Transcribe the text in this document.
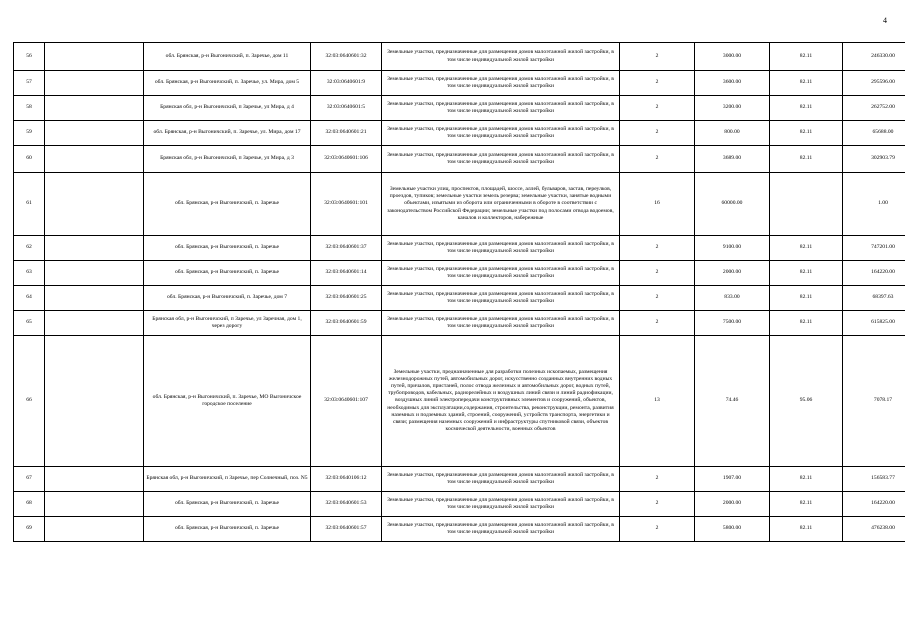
4
56		обл. Брянская, р-н Выгоничский, п. Заречье, дом 11	32:03:0640601:32	Земельные участки, предназначенные для размещения домов малоэтажной жилой застройки, в том числе индивидуальной жилой застройки	2	3000.00	82.11	246330.00
57		обл. Брянская, р-н Выгоничский, п. Заречье, ул. Мира, дом 5	32:03:0640601:9	Земельные участки, предназначенные для размещения домов малоэтажной жилой застройки, в том числе индивидуальной жилой застройки	2	3600.00	82.11	295596.00
58		Брянская обл, р-н Выгоничский, п Заречье, ул Мира, д 4	32:03:0640601:5	Земельные участки, предназначенные для размещения домов малоэтажной жилой застройки, в том числе индивидуальной жилой застройки	2	3200.00	82.11	262752.00
59		обл. Брянская, р-н Выгоничский, п. Заречье, ул. Мира, дом 17	32:03:0640601:21	Земельные участки, предназначенные для размещения домов малоэтажной жилой застройки, в том числе индивидуальной жилой застройки	2	800.00	82.11	65688.00
60		Брянская обл, р-н Выгоничский, п Заречье, ул Мира, д 3	32:03:0640601:106	Земельные участки, предназначенные для размещения домов малоэтажной жилой застройки, в том числе индивидуальной жилой застройки	2	3689.00	82.11	302903.79
61		обл. Брянская, р-н Выгоничский, п. Заречье	32:03:0640601:101	Земельные участки улиц, проспектов, площадей, шоссе, аллей, бульваров, застав, переулков, проездов, тупиков; земельные участки земель резерва; земельные участки, занятые водными объектами, изъятыми из оборота или ограниченными в обороте в соответствии с законодательством Российской Федерации; земельные участки под полосами отвода водоемов, каналов и коллекторов, набережные	16	60000.00		1.00
62		обл. Брянская, р-н Выгоничский, п. Заречье	32:03:0640601:37	Земельные участки, предназначенные для размещения домов малоэтажной жилой застройки, в том числе индивидуальной жилой застройки	2	9100.00	82.11	747201.00
63		обл. Брянская, р-н Выгоничский, п. Заречье	32:03:0640601:14	Земельные участки, предназначенные для размещения домов малоэтажной жилой застройки, в том числе индивидуальной жилой застройки	2	2000.00	82.11	164220.00
64		обл. Брянская, р-н Выгоничский, п. Заречье, дом 7	32:03:0640601:25	Земельные участки, предназначенные для размещения домов малоэтажной жилой застройки, в том числе индивидуальной жилой застройки	2	833.00	82.11	68397.63
65		Брянская обл, р-н Выгоничский, п Заречье, ул Заречная, дом 1, через дорогу	32:03:0640601:59	Земельные участки, предназначенные для размещения домов малоэтажной жилой застройки, в том числе индивидуальной жилой застройки	2	7500.00	82.11	615825.00
66		обл. Брянская, р-н Выгоничский, п. Заречье, МО Выгоничское городское поселение	32:03:0640601:107	Земельные участки, предназначенные для разработки полезных ископаемых, размещения железнодорожных путей, автомобильных дорог, искусственно созданных внутренних водных путей, причалов, пристаней, полос отвода железных и автомобильных дорог, водных путей, трубопроводов, кабельных, радиорелейных и воздушных линий связи и линий радиофикации, воздушных линий электропередачи конструктивных элементов и сооружений, объектов, необходимых для эксплуатации,содержания, строительства, реконструкции, ремонта, развития наземных и подземных зданий, строений, сооружений, устройств транспорта, энергетики и связи; размещения наземных сооружений и инфраструктуры спутниковой связи, объектов космической деятельности, военных объектов	13	74.46	95.06	7078.17
67		Брянская обл, р-н Выгоничский, п Заречье, пер Солнечный, поз. N5	32:03:0640106:12	Земельные участки, предназначенные для размещения домов малоэтажной жилой застройки, в том числе индивидуальной жилой застройки	2	1907.00	82.11	156583.77
68		обл. Брянская, р-н Выгоничский, п. Заречье	32:03:0640601:53	Земельные участки, предназначенные для размещения домов малоэтажной жилой застройки, в том числе индивидуальной жилой застройки	2	2000.00	82.11	164220.00
69		обл. Брянская, р-н Выгоничский, п. Заречье	32:03:0640601:57	Земельные участки, предназначенные для размещения домов малоэтажной жилой застройки, в том числе индивидуальной жилой застройки	2	5800.00	82.11	476238.00
